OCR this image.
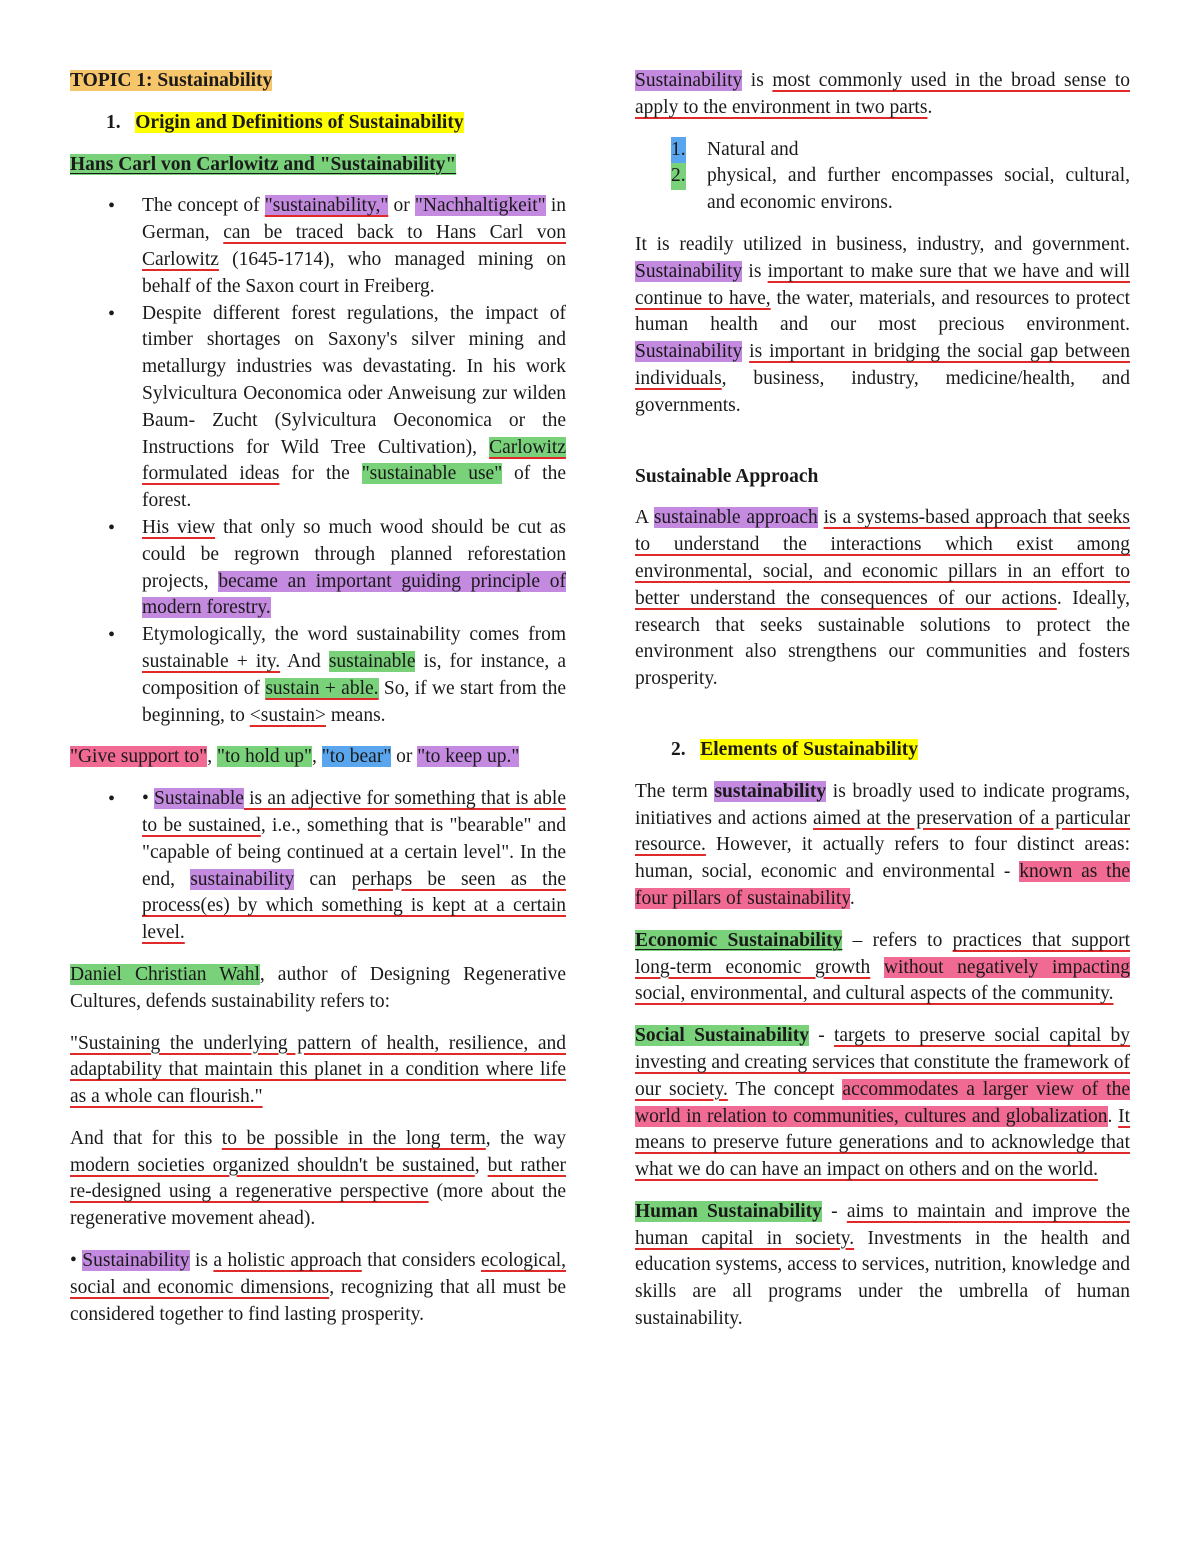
TOPIC 1: Sustainability

1. Origin and Definitions of Sustainability

Hans Carl von Carlowitz and "Sustainability"

• The concept of "sustainability," or "Nachhaltigkeit" in German, can be traced back to Hans Carl von Carlowitz (1645-1714), who managed mining on behalf of the Saxon court in Freiberg.
• Despite different forest regulations, the impact of timber shortages on Saxony's silver mining and metallurgy industries was devastating. In his work Sylvicultura Oeconomica oder Anweisung zur wilden Baum- Zucht (Sylvicultura Oeconomica or the Instructions for Wild Tree Cultivation), Carlowitz formulated ideas for the "sustainable use" of the forest.
• His view that only so much wood should be cut as could be regrown through planned reforestation projects, became an important guiding principle of modern forestry.
• Etymologically, the word sustainability comes from sustainable + ity. And sustainable is, for instance, a composition of sustain + able. So, if we start from the beginning, to <sustain> means.

"Give support to", "to hold up", "to bear" or "to keep up."

• • Sustainable is an adjective for something that is able to be sustained, i.e., something that is "bearable" and "capable of being continued at a certain level". In the end, sustainability can perhaps be seen as the process(es) by which something is kept at a certain level.

Daniel Christian Wahl, author of Designing Regenerative Cultures, defends sustainability refers to:

"Sustaining the underlying pattern of health, resilience, and adaptability that maintain this planet in a condition where life as a whole can flourish."

And that for this to be possible in the long term, the way modern societies organized shouldn't be sustained, but rather re-designed using a regenerative perspective (more about the regenerative movement ahead).

• Sustainability is a holistic approach that considers ecological, social and economic dimensions, recognizing that all must be considered together to find lasting prosperity.

Sustainability is most commonly used in the broad sense to apply to the environment in two parts.

1. Natural and
2. physical, and further encompasses social, cultural, and economic environs.

It is readily utilized in business, industry, and government. Sustainability is important to make sure that we have and will continue to have, the water, materials, and resources to protect human health and our most precious environment. Sustainability is important in bridging the social gap between individuals, business, industry, medicine/health, and governments.

Sustainable Approach

A sustainable approach is a systems-based approach that seeks to understand the interactions which exist among environmental, social, and economic pillars in an effort to better understand the consequences of our actions. Ideally, research that seeks sustainable solutions to protect the environment also strengthens our communities and fosters prosperity.

2. Elements of Sustainability

The term sustainability is broadly used to indicate programs, initiatives and actions aimed at the preservation of a particular resource. However, it actually refers to four distinct areas: human, social, economic and environmental - known as the four pillars of sustainability.

Economic Sustainability – refers to practices that support long-term economic growth without negatively impacting social, environmental, and cultural aspects of the community.

Social Sustainability - targets to preserve social capital by investing and creating services that constitute the framework of our society. The concept accommodates a larger view of the world in relation to communities, cultures and globalization. It means to preserve future generations and to acknowledge that what we do can have an impact on others and on the world.

Human Sustainability - aims to maintain and improve the human capital in society. Investments in the health and education systems, access to services, nutrition, knowledge and skills are all programs under the umbrella of human sustainability.
